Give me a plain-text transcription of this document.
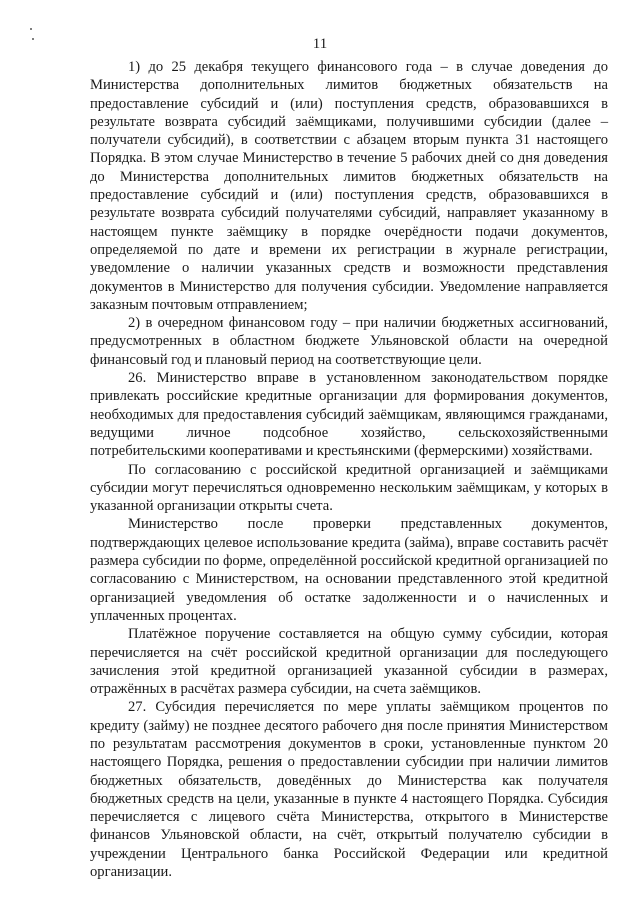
11

1) до 25 декабря текущего финансового года – в случае доведения до Министерства дополнительных лимитов бюджетных обязательств на предоставление субсидий и (или) поступления средств, образовавшихся в результате возврата субсидий заёмщиками, получившими субсидии (далее – получатели субсидий), в соответствии с абзацем вторым пункта 31 настоящего Порядка. В этом случае Министерство в течение 5 рабочих дней со дня доведения до Министерства дополнительных лимитов бюджетных обязательств на предоставление субсидий и (или) поступления средств, образовавшихся в результате возврата субсидий получателями субсидий, направляет указанному в настоящем пункте заёмщику в порядке очерёдности подачи документов, определяемой по дате и времени их регистрации в журнале регистрации, уведомление о наличии указанных средств и возможности представления документов в Министерство для получения субсидии. Уведомление направляется заказным почтовым отправлением;

2) в очередном финансовом году – при наличии бюджетных ассигнований, предусмотренных в областном бюджете Ульяновской области на очередной финансовый год и плановый период на соответствующие цели.

26. Министерство вправе в установленном законодательством порядке привлекать российские кредитные организации для формирования документов, необходимых для предоставления субсидий заёмщикам, являющимся гражданами, ведущими личное подсобное хозяйство, сельскохозяйственными потребительскими кооперативами и крестьянскими (фермерскими) хозяйствами.

По согласованию с российской кредитной организацией и заёмщиками субсидии могут перечисляться одновременно нескольким заёмщикам, у которых в указанной организации открыты счета.

Министерство после проверки представленных документов, подтверждающих целевое использование кредита (займа), вправе составить расчёт размера субсидии по форме, определённой российской кредитной организацией по согласованию с Министерством, на основании представленного этой кредитной организацией уведомления об остатке задолженности и о начисленных и уплаченных процентах.

Платёжное поручение составляется на общую сумму субсидии, которая перечисляется на счёт российской кредитной организации для последующего зачисления этой кредитной организацией указанной субсидии в размерах, отражённых в расчётах размера субсидии, на счета заёмщиков.

27. Субсидия перечисляется по мере уплаты заёмщиком процентов по кредиту (займу) не позднее десятого рабочего дня после принятия Министерством по результатам рассмотрения документов в сроки, установленные пунктом 20 настоящего Порядка, решения о предоставлении субсидии при наличии лимитов бюджетных обязательств, доведённых до Министерства как получателя бюджетных средств на цели, указанные в пункте 4 настоящего Порядка. Субсидия перечисляется с лицевого счёта Министерства, открытого в Министерстве финансов Ульяновской области, на счёт, открытый получателю субсидии в учреждении Центрального банка Российской Федерации или кредитной организации.
